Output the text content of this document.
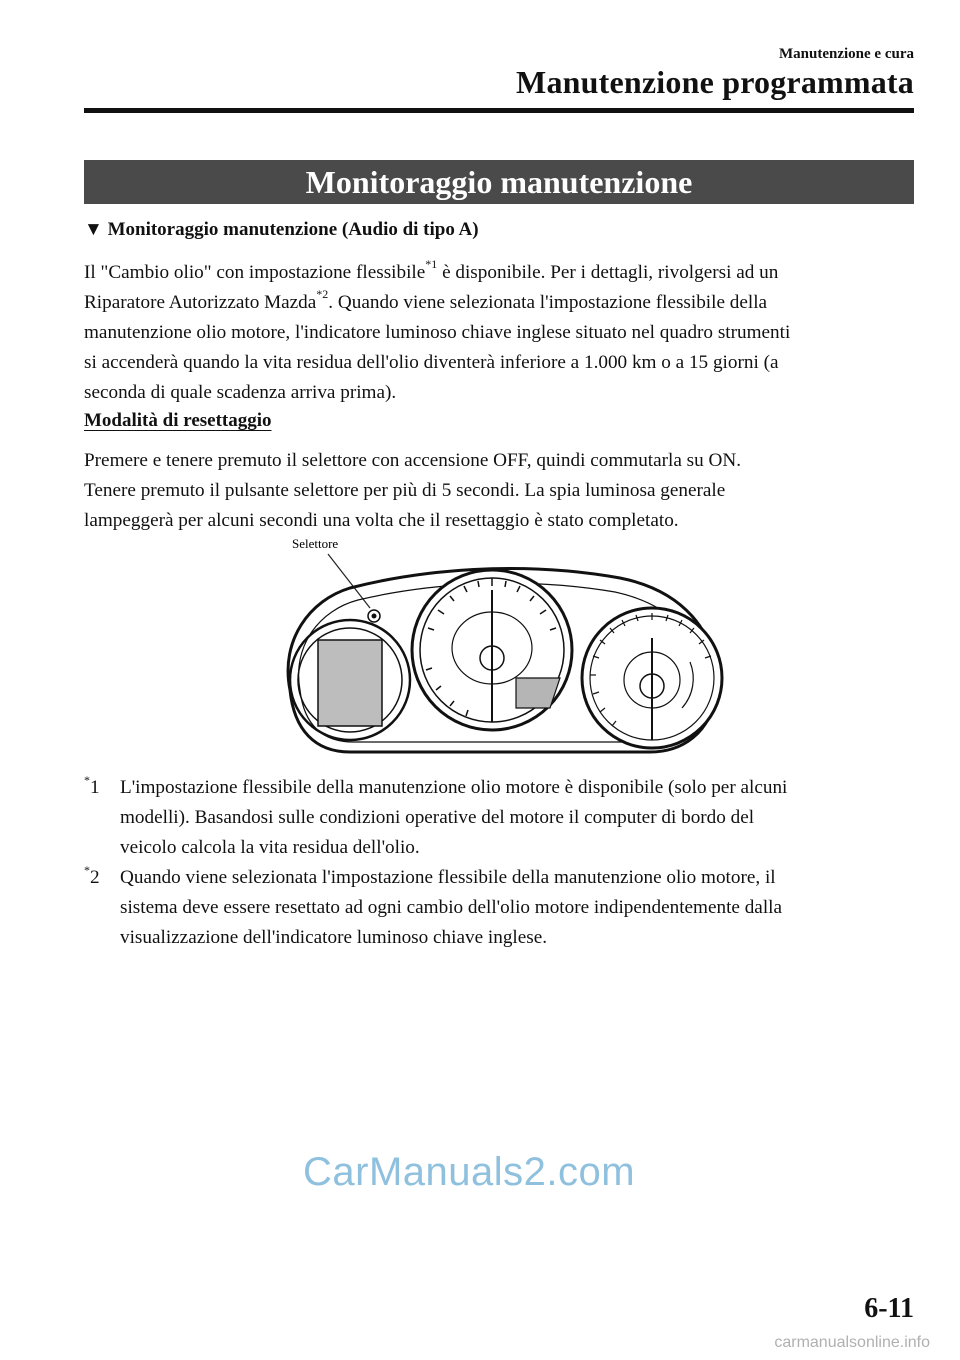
Manutenzione e cura
Manutenzione programmata
Monitoraggio manutenzione
▼ Monitoraggio manutenzione (Audio di tipo A)

Il "Cambio olio" con impostazione flessibile$^{*1}$ è disponibile. Per i dettagli, rivolgersi ad un

Riparatore Autorizzato Mazda$^{*2}$. Quando viene selezionata l'impostazione flessibile della

manutenzione olio motore, l'indicatore luminoso chiave inglese situato nel quadro strumenti

si accenderà quando la vita residua dell'olio diventerà inferiore a 1.000 km o a 15 giorni (a

seconda di quale scadenza arriva prima).

Modalità di resettaggio

Premere e tenere premuto il selettore con accensione OFF, quindi commutarla su ON.

Tenere premuto il pulsante selettore per più di 5 secondi. La spia luminosa generale

lampeggerà per alcuni secondi una volta che il resettaggio è stato completato.

Selettore
*1 L'impostazione flessibile della manutenzione olio motore è disponibile (solo per alcuni
modelli). Basandosi sulle condizioni operative del motore il computer di bordo del
veicolo calcola la vita residua dell'olio.
*2 Quando viene selezionata l'impostazione flessibile della manutenzione olio motore, il
sistema deve essere resettato ad ogni cambio dell'olio motore indipendentemente dalla
visualizzazione dell'indicatore luminoso chiave inglese.
CarManuals2.com
6-11
carmanualsonline.info
